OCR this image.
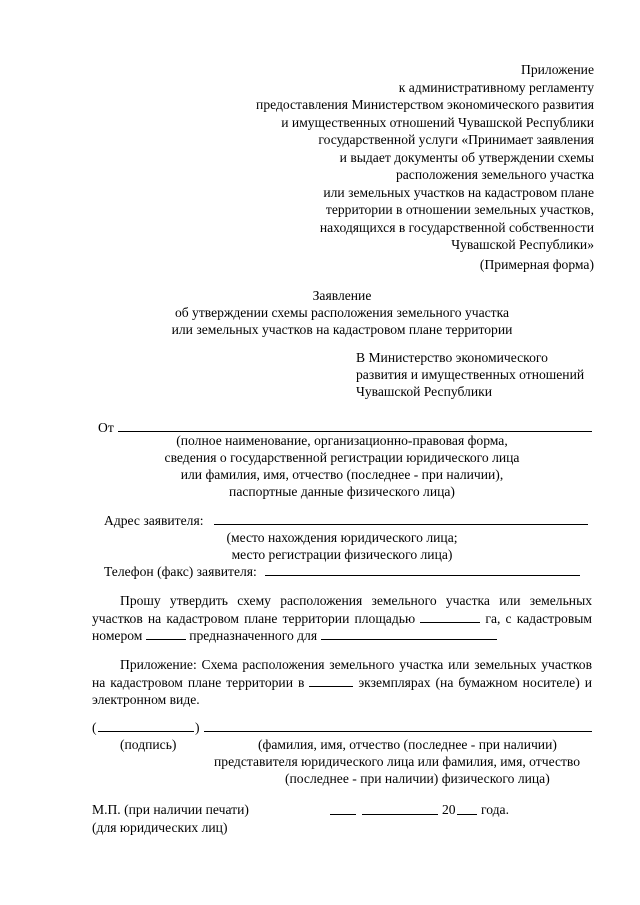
Приложение
к административному регламенту
предоставления Министерством экономического развития
и имущественных отношений Чувашской Республики
государственной услуги «Принимает заявления
и выдает документы об утверждении схемы
расположения земельного участка
или земельных участков на кадастровом плане
территории в отношении земельных участков,
находящихся в государственной собственности
Чувашской Республики»
(Примерная форма)
Заявление
об утверждении схемы расположения земельного участка
или земельных участков на кадастровом плане территории
В Министерство экономического
развития и имущественных отношений
Чувашской Республики
От
(полное наименование, организационно-правовая форма,
сведения о государственной регистрации юридического лица
или фамилия, имя, отчество (последнее - при наличии),
паспортные данные физического лица)
Адрес заявителя:
(место нахождения юридического лица;
место регистрации физического лица)
Телефон (факс) заявителя:
Прошу утвердить схему расположения земельного участка или земельных участков на кадастровом плане территории площадью	га, с кадастровым номером	предназначенного для
Приложение: Схема расположения земельного участка или земельных участков на кадастровом плане территории в	экземплярах (на бумажном носителе) и электронном виде.
(	)
(подпись)	(фамилия, имя, отчество (последнее - при наличии)
представителя юридического лица или фамилия, имя, отчество
(последнее - при наличии) физического лица)
М.П. (при наличии печати)
(для юридических лиц)
20 года.
